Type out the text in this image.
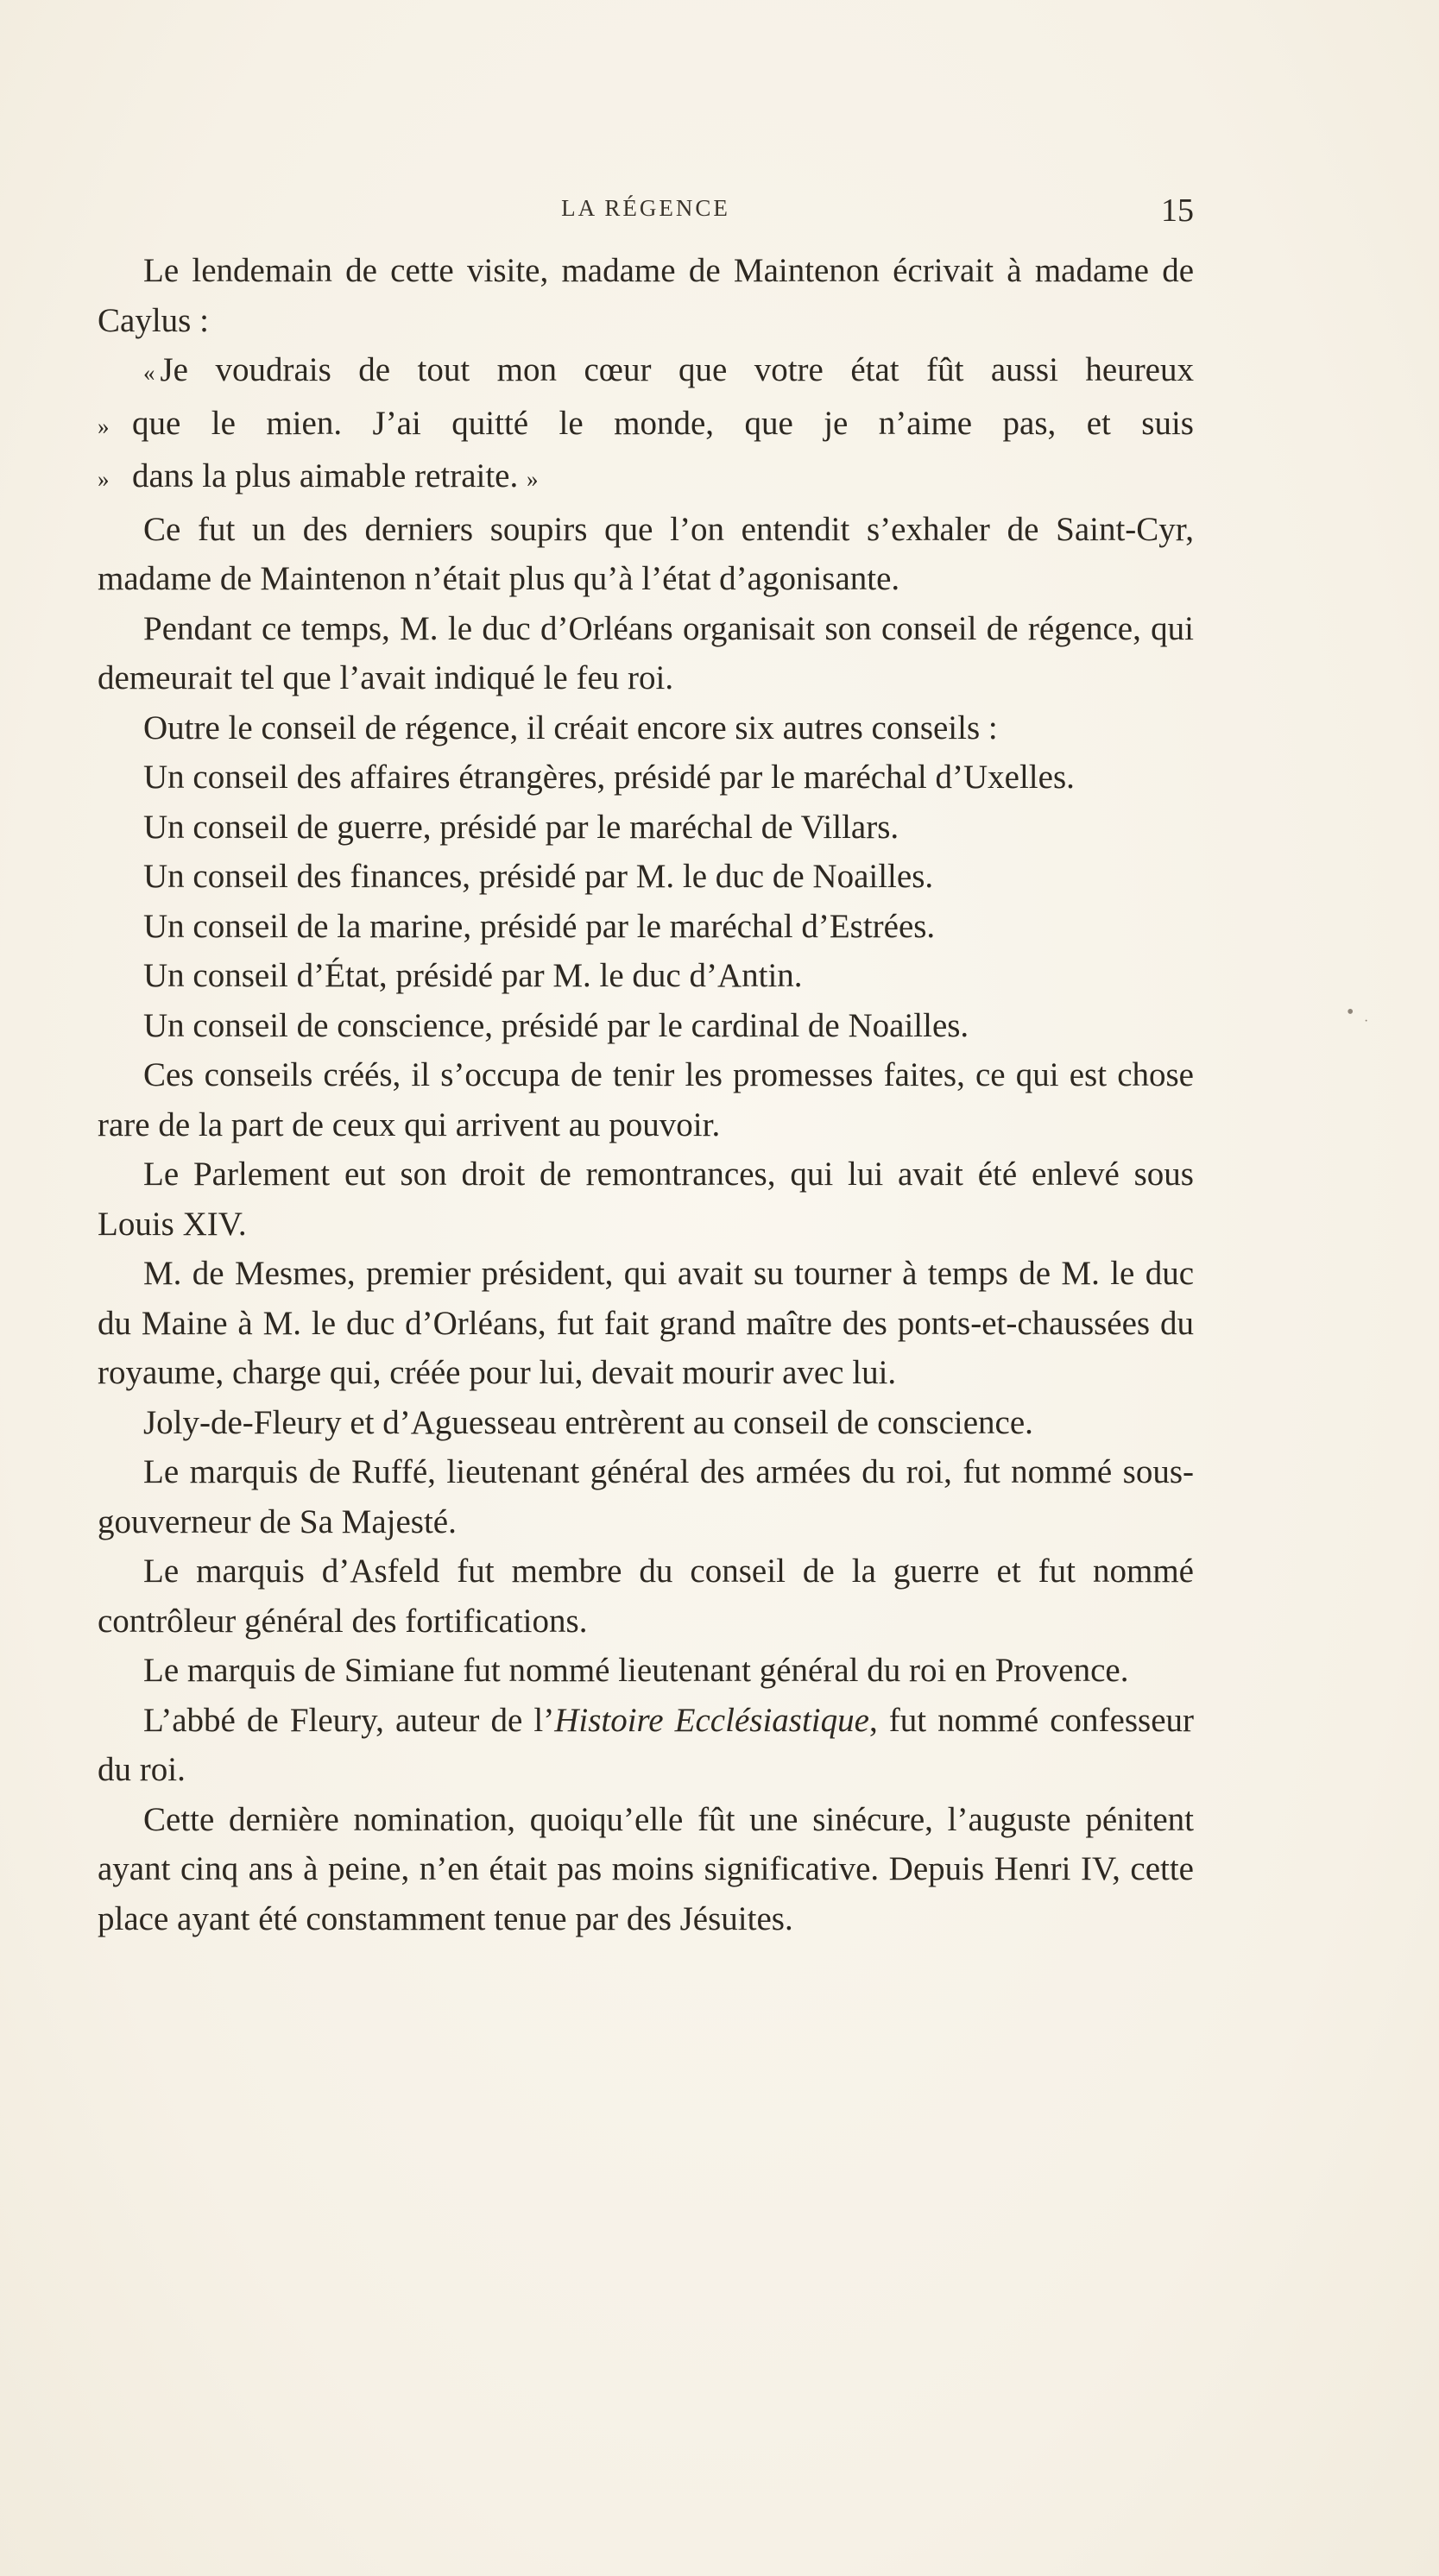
LA RÉGENCE	15

Le lendemain de cette visite, madame de Maintenon écrivait à madame de Caylus :

« Je voudrais de tout mon cœur que votre état fût aussi heureux
» que le mien. J’ai quitté le monde, que je n’aime pas, et suis
» dans la plus aimable retraite. »

Ce fut un des derniers soupirs que l’on entendit s’exhaler de Saint-Cyr, madame de Maintenon n’était plus qu’à l’état d’agonisante.

Pendant ce temps, M. le duc d’Orléans organisait son conseil de régence, qui demeurait tel que l’avait indiqué le feu roi.

Outre le conseil de régence, il créait encore six autres conseils :

Un conseil des affaires étrangères, présidé par le maréchal d’Uxelles.

Un conseil de guerre, présidé par le maréchal de Villars.

Un conseil des finances, présidé par M. le duc de Noailles.

Un conseil de la marine, présidé par le maréchal d’Estrées.

Un conseil d’État, présidé par M. le duc d’Antin.

Un conseil de conscience, présidé par le cardinal de Noailles.

Ces conseils créés, il s’occupa de tenir les promesses faites, ce qui est chose rare de la part de ceux qui arrivent au pouvoir.

Le Parlement eut son droit de remontrances, qui lui avait été enlevé sous Louis XIV.

M. de Mesmes, premier président, qui avait su tourner à temps de M. le duc du Maine à M. le duc d’Orléans, fut fait grand maître des ponts-et-chaussées du royaume, charge qui, créée pour lui, devait mourir avec lui.

Joly-de-Fleury et d’Aguesseau entrèrent au conseil de conscience.

Le marquis de Ruffé, lieutenant général des armées du roi, fut nommé sous-gouverneur de Sa Majesté.

Le marquis d’Asfeld fut membre du conseil de la guerre et fut nommé contrôleur général des fortifications.

Le marquis de Simiane fut nommé lieutenant général du roi en Provence.

L’abbé de Fleury, auteur de l’Histoire Ecclésiastique, fut nommé confesseur du roi.

Cette dernière nomination, quoiqu’elle fût une sinécure, l’auguste pénitent ayant cinq ans à peine, n’en était pas moins significative. Depuis Henri IV, cette place ayant été constamment tenue par des Jésuites.

• ·
